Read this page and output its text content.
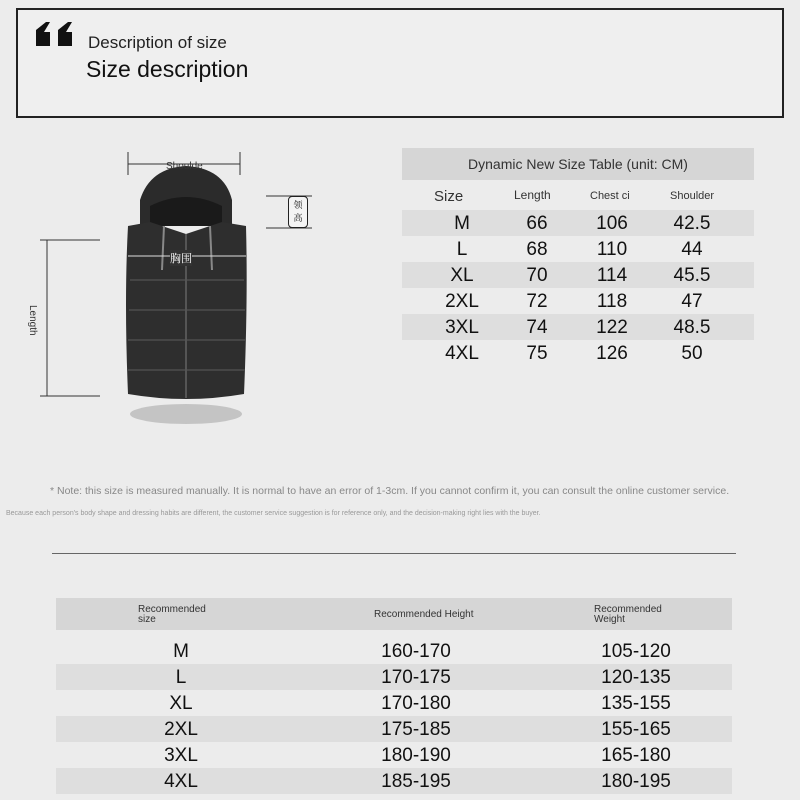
Description of size
Size description
Shoulde
Length
胸围
领
高
Dynamic New Size Table (unit: CM)
Size	Length	Chest ci	Shoulder
M	66	106	42.5
L	68	110	44
XL	70	114	45.5
2XL	72	118	47
3XL	74	122	48.5
4XL	75	126	50
* Note: this size is measured manually. It is normal to have an error of 1-3cm. If you cannot confirm it, you can consult the online customer service.
Because each person's body shape and dressing habits are different, the customer service suggestion is for reference only, and the decision-making right lies with the buyer.
Recommended size	Recommended Height	Recommended Weight
M	160-170	105-120
L	170-175	120-135
XL	170-180	135-155
2XL	175-185	155-165
3XL	180-190	165-180
4XL	185-195	180-195
